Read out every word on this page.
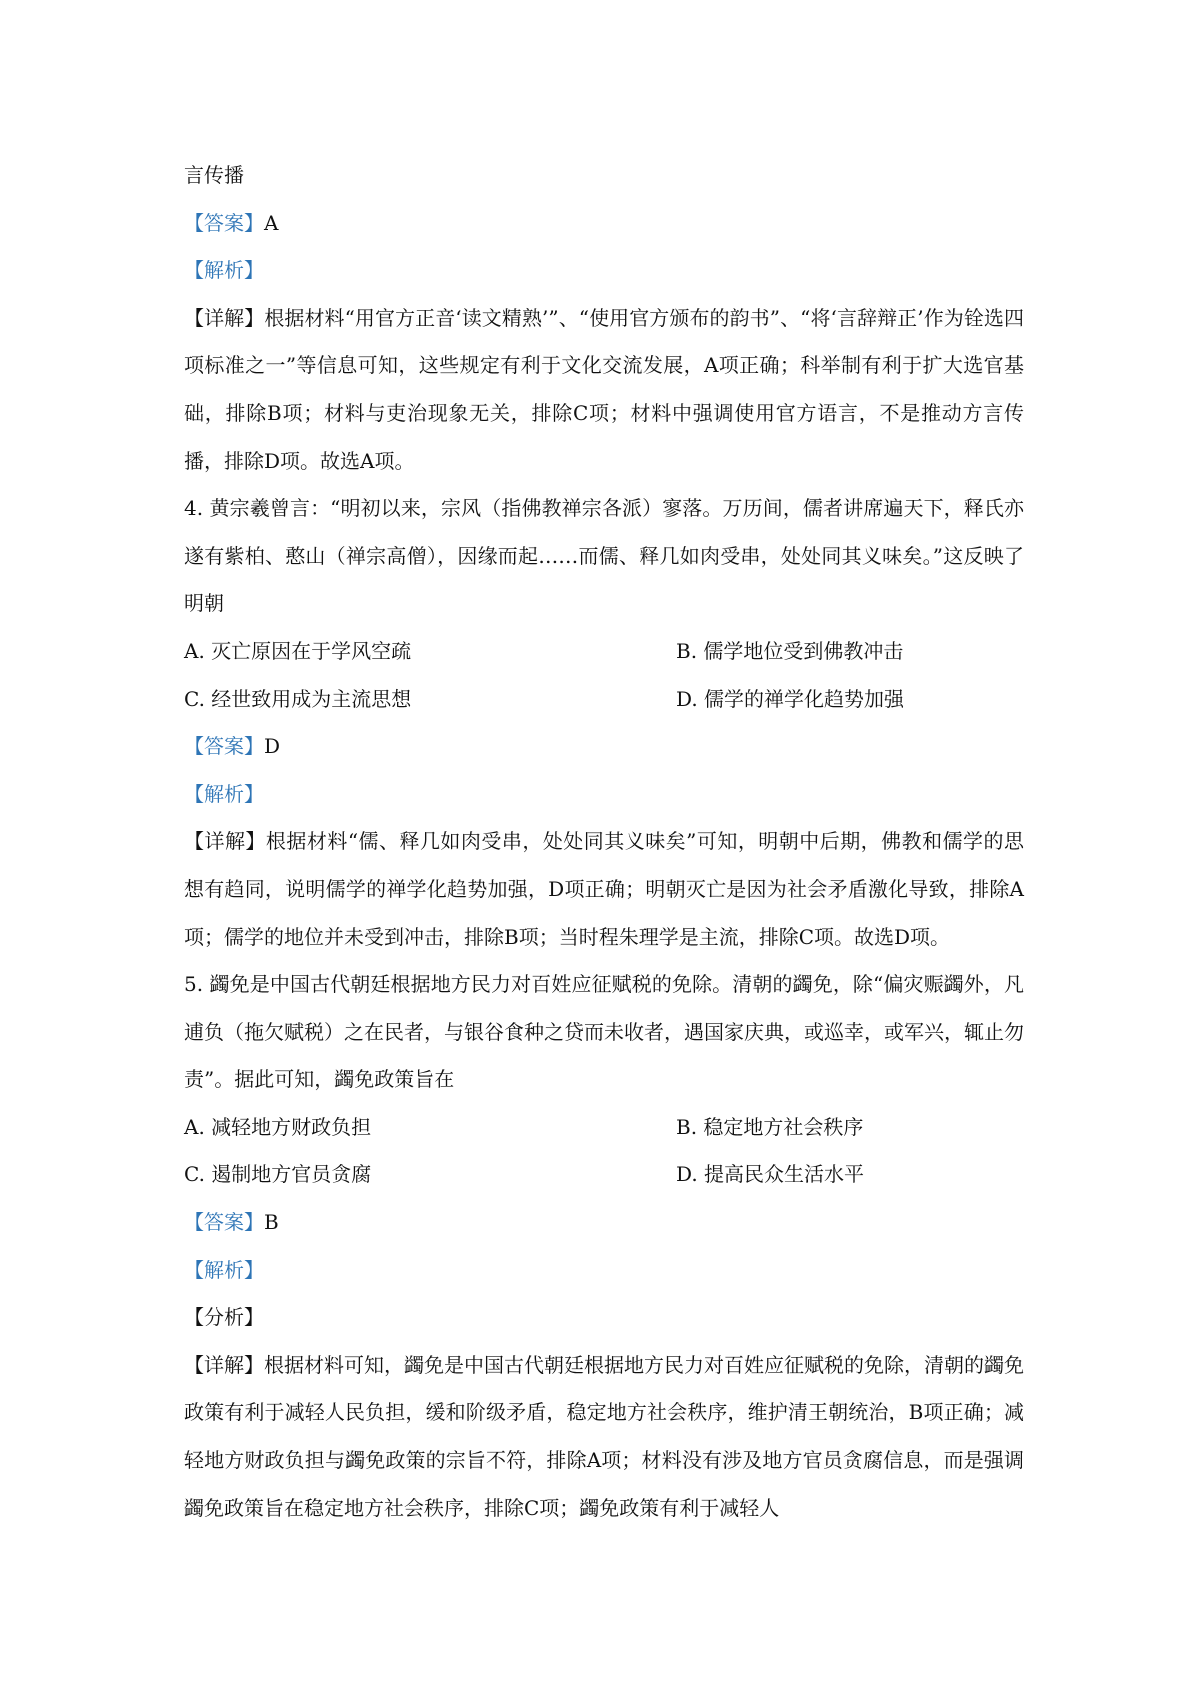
言传播
【答案】A
【解析】

【详解】根据材料“用官方正音‘读文精熟’”、“使用官方颁布的韵书”、“将‘言辞辩正’作为铨选四项标准之一”等信息可知，这些规定有利于文化交流发展，A项正确；科举制有利于扩大选官基础，排除B项；材料与吏治现象无关，排除C项；材料中强调使用官方语言，不是推动方言传播，排除D项。故选A项。

4. 黄宗羲曾言：“明初以来，宗风（指佛教禅宗各派）寥落。万历间，儒者讲席遍天下，释氏亦遂有紫柏、憨山（禅宗高僧），因缘而起……而儒、释几如肉受串，处处同其义味矣。”这反映了明朝

A. 灭亡原因在于学风空疏	B. 儒学地位受到佛教冲击
C. 经世致用成为主流思想	D. 儒学的禅学化趋势加强
【答案】D
【解析】

【详解】根据材料“儒、释几如肉受串，处处同其义味矣”可知，明朝中后期，佛教和儒学的思想有趋同，说明儒学的禅学化趋势加强，D项正确；明朝灭亡是因为社会矛盾激化导致，排除A项；儒学的地位并未受到冲击，排除B项；当时程朱理学是主流，排除C项。故选D项。

5. 蠲免是中国古代朝廷根据地方民力对百姓应征赋税的免除。清朝的蠲免，除“偏灾赈蠲外，凡逋负（拖欠赋税）之在民者，与银谷食种之贷而未收者，遇国家庆典，或巡幸，或军兴，辄止勿责”。据此可知，蠲免政策旨在

A. 减轻地方财政负担	B. 稳定地方社会秩序
C. 遏制地方官员贪腐	D. 提高民众生活水平
【答案】B
【解析】
【分析】

【详解】根据材料可知，蠲免是中国古代朝廷根据地方民力对百姓应征赋税的免除，清朝的蠲免政策有利于减轻人民负担，缓和阶级矛盾，稳定地方社会秩序，维护清王朝统治，B项正确；减轻地方财政负担与蠲免政策的宗旨不符，排除A项；材料没有涉及地方官员贪腐信息，而是强调蠲免政策旨在稳定地方社会秩序，排除C项；蠲免政策有利于减轻人
